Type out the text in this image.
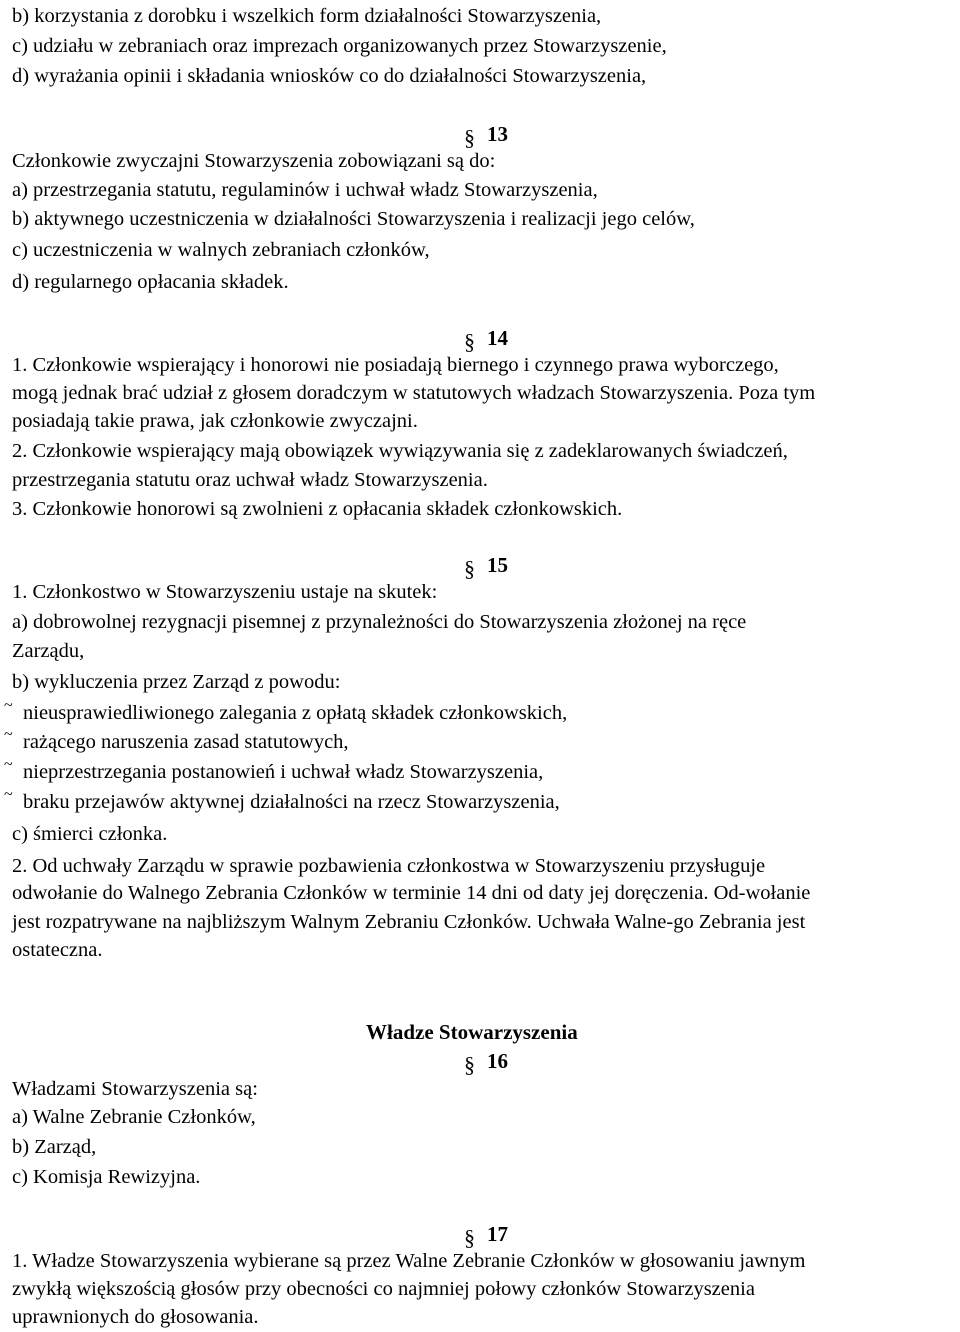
b) korzystania z dorobku i wszelkich form działalności Stowarzyszenia,
c) udziału w zebraniach oraz imprezach organizowanych przez Stowarzyszenie,
d) wyrażania opinii i składania wniosków co do działalności Stowarzyszenia,
§ 13
Członkowie zwyczajni Stowarzyszenia zobowiązani są do:
a) przestrzegania statutu, regulaminów i uchwał władz Stowarzyszenia,
b) aktywnego uczestniczenia w działalności Stowarzyszenia i realizacji jego celów,
c) uczestniczenia w walnych zebraniach członków,
d) regularnego opłacania składek.
§ 14
1. Członkowie wspierający i honorowi nie posiadają biernego i czynnego prawa wyborczego,
mogą jednak brać udział z głosem doradczym w statutowych władzach Stowarzyszenia. Poza tym
posiadają takie prawa, jak członkowie zwyczajni.
2. Członkowie wspierający mają obowiązek wywiązywania się z zadeklarowanych świadczeń,
przestrzegania statutu oraz uchwał władz Stowarzyszenia.
3. Członkowie honorowi są zwolnieni z opłacania składek członkowskich.
§ 15
1. Członkostwo w Stowarzyszeniu ustaje na skutek:
a) dobrowolnej rezygnacji pisemnej z przynależności do Stowarzyszenia złożonej na ręce
Zarządu,
b) wykluczenia przez Zarząd z powodu:
~ nieusprawiedliwionego zalegania z opłatą składek członkowskich,
~ rażącego naruszenia zasad statutowych,
~ nieprzestrzegania postanowień i uchwał władz Stowarzyszenia,
~ braku przejawów aktywnej działalności na rzecz Stowarzyszenia,
c) śmierci członka.
2. Od uchwały Zarządu w sprawie pozbawienia członkostwa w Stowarzyszeniu przysługuje
odwołanie do Walnego Zebrania Członków w terminie 14 dni od daty jej doręczenia. Od-wołanie
jest rozpatrywane na najbliższym Walnym Zebraniu Członków. Uchwała Walne-go Zebrania jest
ostateczna.
Władze Stowarzyszenia
§ 16
Władzami Stowarzyszenia są:
a) Walne Zebranie Członków,
b) Zarząd,
c) Komisja Rewizyjna.
§ 17
1. Władze Stowarzyszenia wybierane są przez Walne Zebranie Członków w głosowaniu jawnym
zwykłą większością głosów przy obecności co najmniej połowy członków Stowarzyszenia
uprawnionych do głosowania.
